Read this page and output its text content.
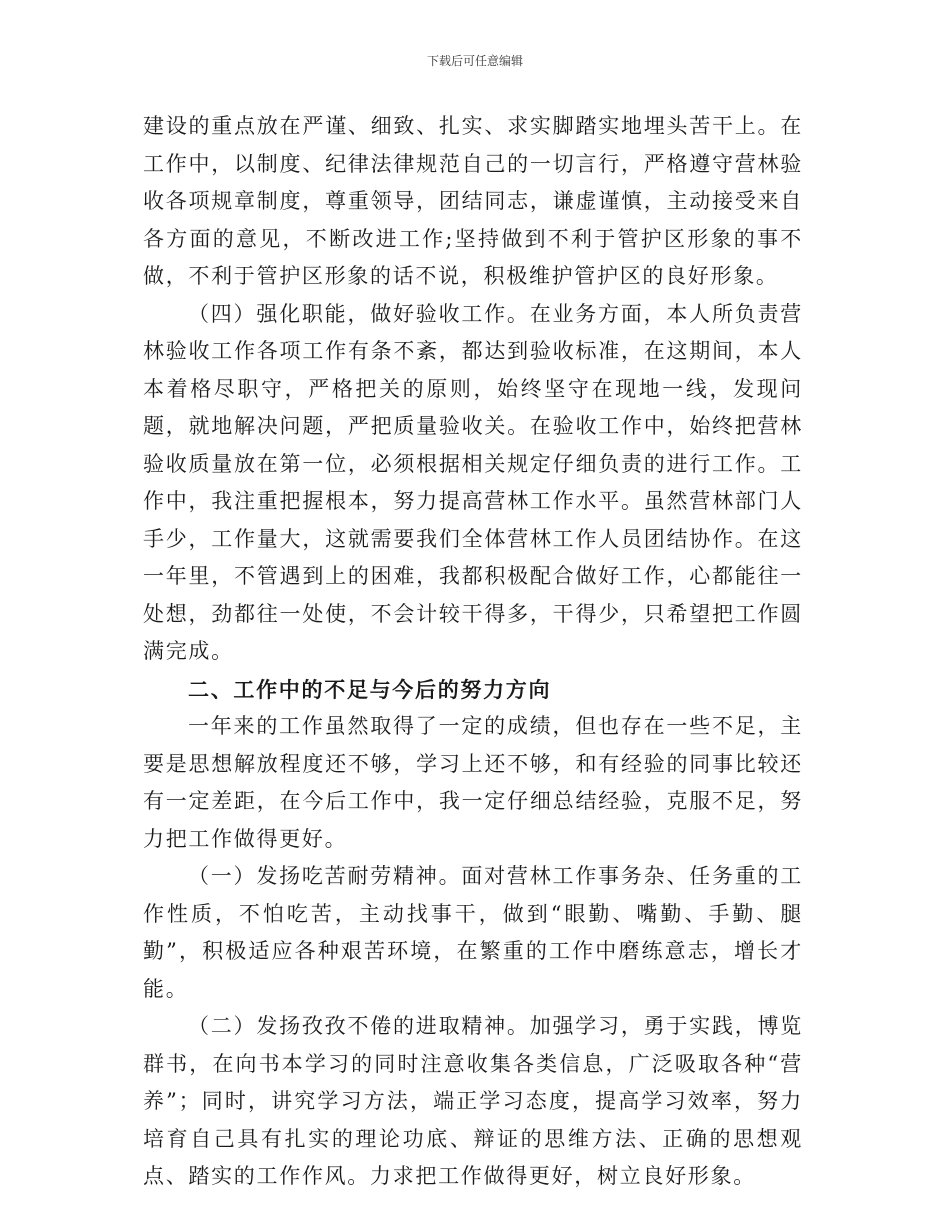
下载后可任意编辑

建设的重点放在严谨、细致、扎实、求实脚踏实地埋头苦干上。在工作中，以制度、纪律法律规范自己的一切言行，严格遵守营林验收各项规章制度，尊重领导，团结同志，谦虚谨慎，主动接受来自各方面的意见，不断改进工作;坚持做到不利于管护区形象的事不做，不利于管护区形象的话不说，积极维护管护区的良好形象。

（四）强化职能，做好验收工作。在业务方面，本人所负责营林验收工作各项工作有条不紊，都达到验收标准，在这期间，本人本着格尽职守，严格把关的原则，始终坚守在现地一线，发现问题，就地解决问题，严把质量验收关。在验收工作中，始终把营林验收质量放在第一位，必须根据相关规定仔细负责的进行工作。工作中，我注重把握根本，努力提高营林工作水平。虽然营林部门人手少，工作量大，这就需要我们全体营林工作人员团结协作。在这一年里，不管遇到上的困难，我都积极配合做好工作，心都能往一处想，劲都往一处使，不会计较干得多，干得少，只希望把工作圆满完成。

二、工作中的不足与今后的努力方向

一年来的工作虽然取得了一定的成绩，但也存在一些不足，主要是思想解放程度还不够，学习上还不够，和有经验的同事比较还有一定差距，在今后工作中，我一定仔细总结经验，克服不足，努力把工作做得更好。

（一）发扬吃苦耐劳精神。面对营林工作事务杂、任务重的工作性质，不怕吃苦，主动找事干，做到“眼勤、嘴勤、手勤、腿勤”，积极适应各种艰苦环境，在繁重的工作中磨练意志，增长才能。

（二）发扬孜孜不倦的进取精神。加强学习，勇于实践，博览群书，在向书本学习的同时注意收集各类信息，广泛吸取各种“营养”；同时，讲究学习方法，端正学习态度，提高学习效率，努力培育自己具有扎实的理论功底、辩证的思维方法、正确的思想观点、踏实的工作作风。力求把工作做得更好，树立良好形象。
